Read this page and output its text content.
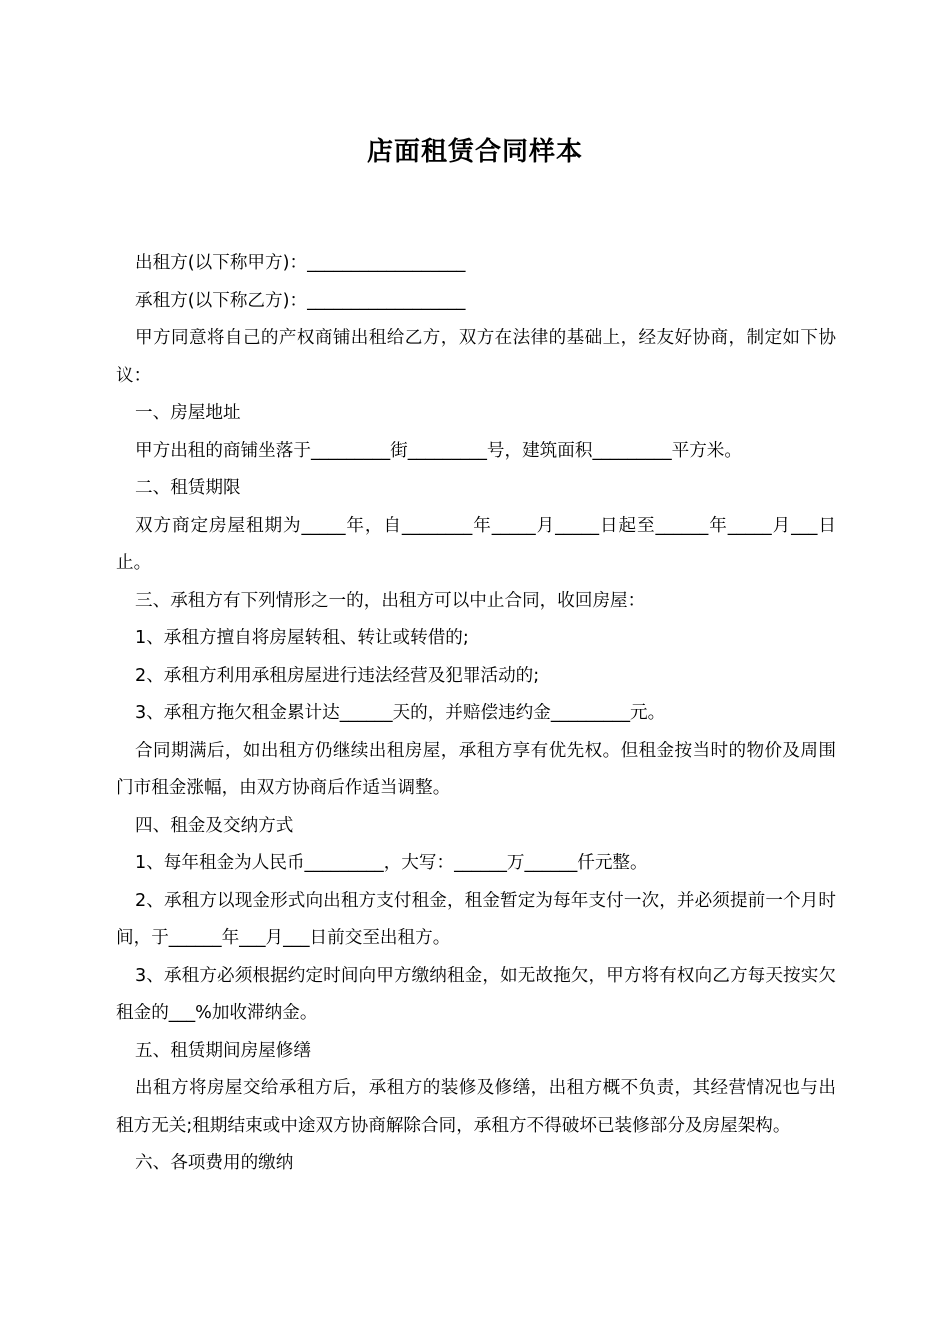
店面租赁合同样本

出租方(以下称甲方)：__________________

承租方(以下称乙方)：__________________

甲方同意将自己的产权商铺出租给乙方，双方在法律的基础上，经友好协商，制定如下协议：

一、房屋地址

甲方出租的商铺坐落于_________街_________号，建筑面积_________平方米。

二、租赁期限

双方商定房屋租期为_____年，自________年_____月_____日起至______年_____月___日止。

三、承租方有下列情形之一的，出租方可以中止合同，收回房屋：

1、承租方擅自将房屋转租、转让或转借的;

2、承租方利用承租房屋进行违法经营及犯罪活动的;

3、承租方拖欠租金累计达______天的，并赔偿违约金_________元。

合同期满后，如出租方仍继续出租房屋，承租方享有优先权。但租金按当时的物价及周围门市租金涨幅，由双方协商后作适当调整。

四、租金及交纳方式

1、每年租金为人民币_________，大写：______万______仟元整。

2、承租方以现金形式向出租方支付租金，租金暂定为每年支付一次，并必须提前一个月时间，于______年___月___日前交至出租方。

3、承租方必须根据约定时间向甲方缴纳租金，如无故拖欠，甲方将有权向乙方每天按实欠租金的___%加收滞纳金。

五、租赁期间房屋修缮

出租方将房屋交给承租方后，承租方的装修及修缮，出租方概不负责，其经营情况也与出租方无关;租期结束或中途双方协商解除合同，承租方不得破坏已装修部分及房屋架构。

六、各项费用的缴纳
